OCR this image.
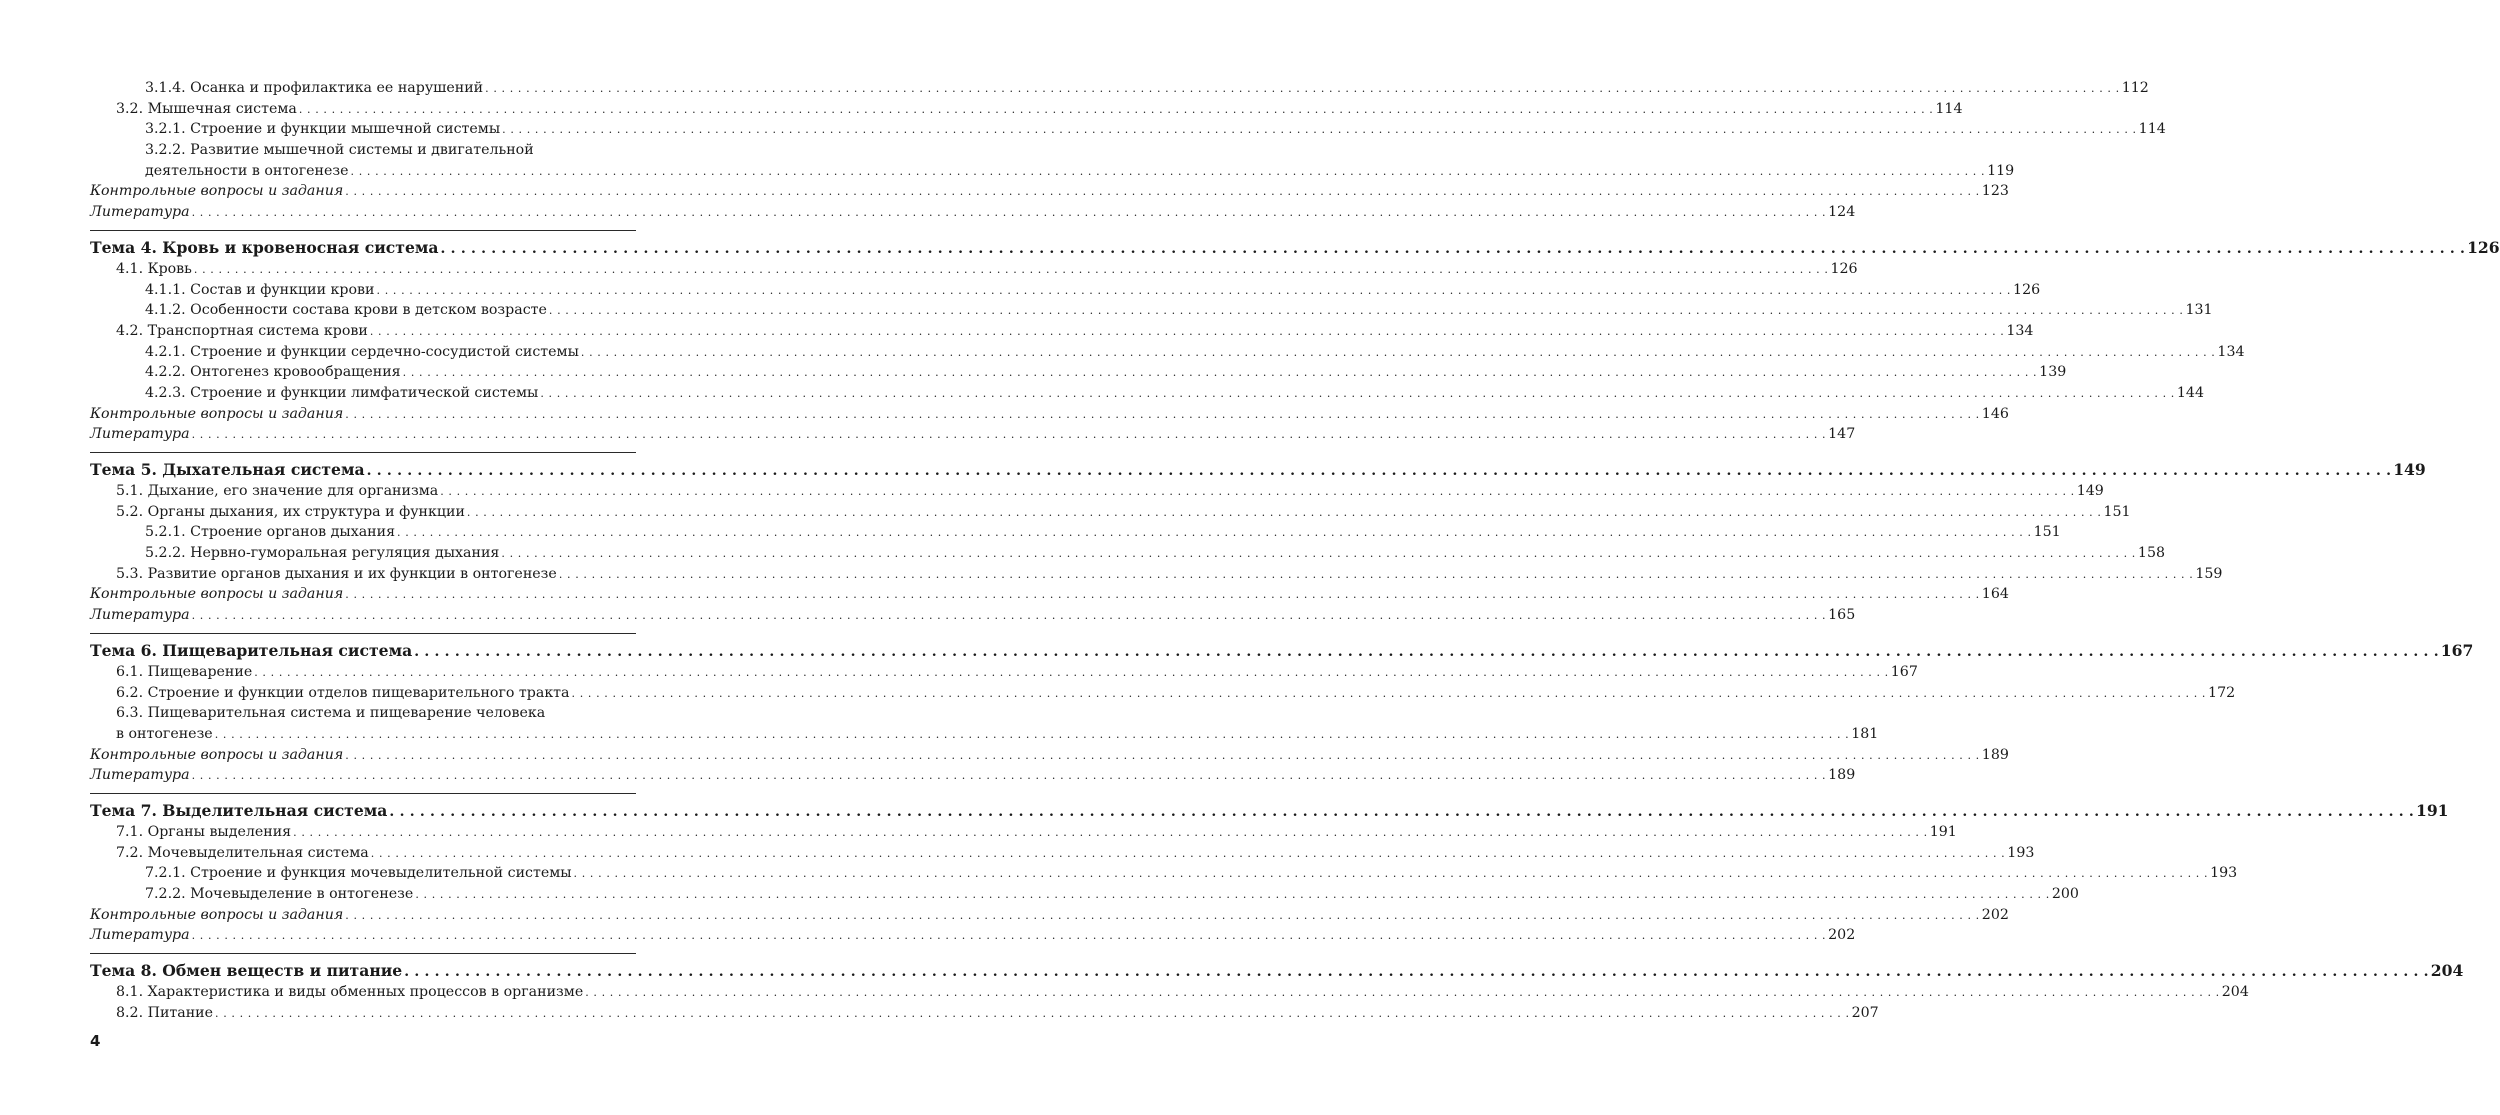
3.1.4. Осанка и профилактика ее нарушений . . . . . . . . . . . . . . . . . . . . . . . . . . . . . . . . . . . . . . . . . . . . . . . . . . . . . . . . . . . . . . . . . . . . . . . . . . . . . . . . . . . . . . . . . . . . . . . . . . . . . . . . . . . . . . . . . . . . . . . . . . . . . . . . . . . . . . . . . . . . . . . . . . . . . . . . . . . . . . . . . . . . . . . . . . . . . . . . . . . . . . . . . . . . . . . . . . . . . . . . 112
3.2. Мышечная система . . . . . . . . . . . . . . . . . . . . . . . . . . . . . . . . . . . . . . . . . . . . . . . . . . . . . . . . . . . . . . . . . . . . . . . . . . . . . . . . . . . . . . . . . . . . . . . . . . . . . . . . . . . . . . . . . . . . . . . . . . . . . . . . . . . . . . . . . . . . . . . . . . . . . . . . . . . . . . . . . . . . . . . . . . . . . . . . . . . . . . . . . . . . . . . . . . . . . . . . 114
3.2.1. Строение и функции мышечной системы . . . . . . . . . . . . . . . . . . . . . . . . . . . . . . . . . . . . . . . . . . . . . . . . . . . . . . . . . . . . . . . . . . . . . . . . . . . . . . . . . . . . . . . . . . . . . . . . . . . . . . . . . . . . . . . . . . . . . . . . . . . . . . . . . . . . . . . . . . . . . . . . . . . . . . . . . . . . . . . . . . . . . . . . . . . . . . . . . . . . . . . . . . . . . . . . . . . . . . . . 114
3.2.2. Развитие мышечной системы и двигательной
деятельности в онтогенезе . . . . . . . . . . . . . . . . . . . . . . . . . . . . . . . . . . . . . . . . . . . . . . . . . . . . . . . . . . . . . . . . . . . . . . . . . . . . . . . . . . . . . . . . . . . . . . . . . . . . . . . . . . . . . . . . . . . . . . . . . . . . . . . . . . . . . . . . . . . . . . . . . . . . . . . . . . . . . . . . . . . . . . . . . . . . . . . . . . . . . . . . . . . . . . . . . . . . . . . . 119
Контрольные вопросы и задания . . . . . . . . . . . . . . . . . . . . . . . . . . . . . . . . . . . . . . . . . . . . . . . . . . . . . . . . . . . . . . . . . . . . . . . . . . . . . . . . . . . . . . . . . . . . . . . . . . . . . . . . . . . . . . . . . . . . . . . . . . . . . . . . . . . . . . . . . . . . . . . . . . . . . . . . . . . . . . . . . . . . . . . . . . . . . . . . . . . . . . . . . . . . . . . . . . . . . . . . 123
Литература . . . . . . . . . . . . . . . . . . . . . . . . . . . . . . . . . . . . . . . . . . . . . . . . . . . . . . . . . . . . . . . . . . . . . . . . . . . . . . . . . . . . . . . . . . . . . . . . . . . . . . . . . . . . . . . . . . . . . . . . . . . . . . . . . . . . . . . . . . . . . . . . . . . . . . . . . . . . . . . . . . . . . . . . . . . . . . . . . . . . . . . . . . . . . . . . . . . . . . . . 124
Тема 4. Кровь и кровеносная система . . . . . . . . . . . . . . . . . . . . . . . . . . . . . . . . . . . . . . . . . . . . . . . . . . . . . . . . . . . . . . . . . . . . . . . . . . . . . . . . . . . . . . . . . . . . . . . . . . . . . . . . . . . . . . . . . . . . . . . . . . . . . . . . . . . . . . . . . . . . . . . . . . . . . . . . . . . . . . . . . . . . . . . . . . . . . . . . . . . . . . . . . . . . . . . . . . . . . . . . 126
4.1. Кровь . . . . . . . . . . . . . . . . . . . . . . . . . . . . . . . . . . . . . . . . . . . . . . . . . . . . . . . . . . . . . . . . . . . . . . . . . . . . . . . . . . . . . . . . . . . . . . . . . . . . . . . . . . . . . . . . . . . . . . . . . . . . . . . . . . . . . . . . . . . . . . . . . . . . . . . . . . . . . . . . . . . . . . . . . . . . . . . . . . . . . . . . . . . . . . . . . . . . . . . . 126
4.1.1. Состав и функции крови . . . . . . . . . . . . . . . . . . . . . . . . . . . . . . . . . . . . . . . . . . . . . . . . . . . . . . . . . . . . . . . . . . . . . . . . . . . . . . . . . . . . . . . . . . . . . . . . . . . . . . . . . . . . . . . . . . . . . . . . . . . . . . . . . . . . . . . . . . . . . . . . . . . . . . . . . . . . . . . . . . . . . . . . . . . . . . . . . . . . . . . . . . . . . . . . . . . . . . . . 126
4.1.2. Особенности состава крови в детском возрасте . . . . . . . . . . . . . . . . . . . . . . . . . . . . . . . . . . . . . . . . . . . . . . . . . . . . . . . . . . . . . . . . . . . . . . . . . . . . . . . . . . . . . . . . . . . . . . . . . . . . . . . . . . . . . . . . . . . . . . . . . . . . . . . . . . . . . . . . . . . . . . . . . . . . . . . . . . . . . . . . . . . . . . . . . . . . . . . . . . . . . . . . . . . . . . . . . . . . . . . . 131
4.2. Транспортная система крови . . . . . . . . . . . . . . . . . . . . . . . . . . . . . . . . . . . . . . . . . . . . . . . . . . . . . . . . . . . . . . . . . . . . . . . . . . . . . . . . . . . . . . . . . . . . . . . . . . . . . . . . . . . . . . . . . . . . . . . . . . . . . . . . . . . . . . . . . . . . . . . . . . . . . . . . . . . . . . . . . . . . . . . . . . . . . . . . . . . . . . . . . . . . . . . . . . . . . . . . 134
4.2.1. Строение и функции сердечно-сосудистой системы . . . . . . . . . . . . . . . . . . . . . . . . . . . . . . . . . . . . . . . . . . . . . . . . . . . . . . . . . . . . . . . . . . . . . . . . . . . . . . . . . . . . . . . . . . . . . . . . . . . . . . . . . . . . . . . . . . . . . . . . . . . . . . . . . . . . . . . . . . . . . . . . . . . . . . . . . . . . . . . . . . . . . . . . . . . . . . . . . . . . . . . . . . . . . . . . . . . . . . . . 134
4.2.2. Онтогенез кровообращения . . . . . . . . . . . . . . . . . . . . . . . . . . . . . . . . . . . . . . . . . . . . . . . . . . . . . . . . . . . . . . . . . . . . . . . . . . . . . . . . . . . . . . . . . . . . . . . . . . . . . . . . . . . . . . . . . . . . . . . . . . . . . . . . . . . . . . . . . . . . . . . . . . . . . . . . . . . . . . . . . . . . . . . . . . . . . . . . . . . . . . . . . . . . . . . . . . . . . . . . 139
4.2.3. Строение и функции лимфатической системы . . . . . . . . . . . . . . . . . . . . . . . . . . . . . . . . . . . . . . . . . . . . . . . . . . . . . . . . . . . . . . . . . . . . . . . . . . . . . . . . . . . . . . . . . . . . . . . . . . . . . . . . . . . . . . . . . . . . . . . . . . . . . . . . . . . . . . . . . . . . . . . . . . . . . . . . . . . . . . . . . . . . . . . . . . . . . . . . . . . . . . . . . . . . . . . . . . . . . . . . 144
Контрольные вопросы и задания . . . . . . . . . . . . . . . . . . . . . . . . . . . . . . . . . . . . . . . . . . . . . . . . . . . . . . . . . . . . . . . . . . . . . . . . . . . . . . . . . . . . . . . . . . . . . . . . . . . . . . . . . . . . . . . . . . . . . . . . . . . . . . . . . . . . . . . . . . . . . . . . . . . . . . . . . . . . . . . . . . . . . . . . . . . . . . . . . . . . . . . . . . . . . . . . . . . . . . . . 146
Литература . . . . . . . . . . . . . . . . . . . . . . . . . . . . . . . . . . . . . . . . . . . . . . . . . . . . . . . . . . . . . . . . . . . . . . . . . . . . . . . . . . . . . . . . . . . . . . . . . . . . . . . . . . . . . . . . . . . . . . . . . . . . . . . . . . . . . . . . . . . . . . . . . . . . . . . . . . . . . . . . . . . . . . . . . . . . . . . . . . . . . . . . . . . . . . . . . . . . . . . . 147
Тема 5. Дыхательная система . . . . . . . . . . . . . . . . . . . . . . . . . . . . . . . . . . . . . . . . . . . . . . . . . . . . . . . . . . . . . . . . . . . . . . . . . . . . . . . . . . . . . . . . . . . . . . . . . . . . . . . . . . . . . . . . . . . . . . . . . . . . . . . . . . . . . . . . . . . . . . . . . . . . . . . . . . . . . . . . . . . . . . . . . . . . . . . . . . . . . . . . . . . . . . . . . . . . . . . . 149
5.1. Дыхание, его значение для организма . . . . . . . . . . . . . . . . . . . . . . . . . . . . . . . . . . . . . . . . . . . . . . . . . . . . . . . . . . . . . . . . . . . . . . . . . . . . . . . . . . . . . . . . . . . . . . . . . . . . . . . . . . . . . . . . . . . . . . . . . . . . . . . . . . . . . . . . . . . . . . . . . . . . . . . . . . . . . . . . . . . . . . . . . . . . . . . . . . . . . . . . . . . . . . . . . . . . . . . . 149
5.2. Органы дыхания, их структура и функции . . . . . . . . . . . . . . . . . . . . . . . . . . . . . . . . . . . . . . . . . . . . . . . . . . . . . . . . . . . . . . . . . . . . . . . . . . . . . . . . . . . . . . . . . . . . . . . . . . . . . . . . . . . . . . . . . . . . . . . . . . . . . . . . . . . . . . . . . . . . . . . . . . . . . . . . . . . . . . . . . . . . . . . . . . . . . . . . . . . . . . . . . . . . . . . . . . . . . . . . 151
5.2.1. Строение органов дыхания . . . . . . . . . . . . . . . . . . . . . . . . . . . . . . . . . . . . . . . . . . . . . . . . . . . . . . . . . . . . . . . . . . . . . . . . . . . . . . . . . . . . . . . . . . . . . . . . . . . . . . . . . . . . . . . . . . . . . . . . . . . . . . . . . . . . . . . . . . . . . . . . . . . . . . . . . . . . . . . . . . . . . . . . . . . . . . . . . . . . . . . . . . . . . . . . . . . . . . . . 151
5.2.2. Нервно-гуморальная регуляция дыхания . . . . . . . . . . . . . . . . . . . . . . . . . . . . . . . . . . . . . . . . . . . . . . . . . . . . . . . . . . . . . . . . . . . . . . . . . . . . . . . . . . . . . . . . . . . . . . . . . . . . . . . . . . . . . . . . . . . . . . . . . . . . . . . . . . . . . . . . . . . . . . . . . . . . . . . . . . . . . . . . . . . . . . . . . . . . . . . . . . . . . . . . . . . . . . . . . . . . . . . . 158
5.3. Развитие органов дыхания и их функции в онтогенезе . . . . . . . . . . . . . . . . . . . . . . . . . . . . . . . . . . . . . . . . . . . . . . . . . . . . . . . . . . . . . . . . . . . . . . . . . . . . . . . . . . . . . . . . . . . . . . . . . . . . . . . . . . . . . . . . . . . . . . . . . . . . . . . . . . . . . . . . . . . . . . . . . . . . . . . . . . . . . . . . . . . . . . . . . . . . . . . . . . . . . . . . . . . . . . . . . . . . . . . . 159
Контрольные вопросы и задания . . . . . . . . . . . . . . . . . . . . . . . . . . . . . . . . . . . . . . . . . . . . . . . . . . . . . . . . . . . . . . . . . . . . . . . . . . . . . . . . . . . . . . . . . . . . . . . . . . . . . . . . . . . . . . . . . . . . . . . . . . . . . . . . . . . . . . . . . . . . . . . . . . . . . . . . . . . . . . . . . . . . . . . . . . . . . . . . . . . . . . . . . . . . . . . . . . . . . . . . 164
Литература . . . . . . . . . . . . . . . . . . . . . . . . . . . . . . . . . . . . . . . . . . . . . . . . . . . . . . . . . . . . . . . . . . . . . . . . . . . . . . . . . . . . . . . . . . . . . . . . . . . . . . . . . . . . . . . . . . . . . . . . . . . . . . . . . . . . . . . . . . . . . . . . . . . . . . . . . . . . . . . . . . . . . . . . . . . . . . . . . . . . . . . . . . . . . . . . . . . . . . . . 165
Тема 6. Пищеварительная система . . . . . . . . . . . . . . . . . . . . . . . . . . . . . . . . . . . . . . . . . . . . . . . . . . . . . . . . . . . . . . . . . . . . . . . . . . . . . . . . . . . . . . . . . . . . . . . . . . . . . . . . . . . . . . . . . . . . . . . . . . . . . . . . . . . . . . . . . . . . . . . . . . . . . . . . . . . . . . . . . . . . . . . . . . . . . . . . . . . . . . . . . . . . . . . . . . . . . . . . 167
6.1. Пищеварение . . . . . . . . . . . . . . . . . . . . . . . . . . . . . . . . . . . . . . . . . . . . . . . . . . . . . . . . . . . . . . . . . . . . . . . . . . . . . . . . . . . . . . . . . . . . . . . . . . . . . . . . . . . . . . . . . . . . . . . . . . . . . . . . . . . . . . . . . . . . . . . . . . . . . . . . . . . . . . . . . . . . . . . . . . . . . . . . . . . . . . . . . . . . . . . . . . . . . . . . 167
6.2. Строение и функции отделов пищеварительного тракта . . . . . . . . . . . . . . . . . . . . . . . . . . . . . . . . . . . . . . . . . . . . . . . . . . . . . . . . . . . . . . . . . . . . . . . . . . . . . . . . . . . . . . . . . . . . . . . . . . . . . . . . . . . . . . . . . . . . . . . . . . . . . . . . . . . . . . . . . . . . . . . . . . . . . . . . . . . . . . . . . . . . . . . . . . . . . . . . . . . . . . . . . . . . . . . . . . . . . . . . 172
6.3. Пищеварительная система и пищеварение человека
в онтогенезе . . . . . . . . . . . . . . . . . . . . . . . . . . . . . . . . . . . . . . . . . . . . . . . . . . . . . . . . . . . . . . . . . . . . . . . . . . . . . . . . . . . . . . . . . . . . . . . . . . . . . . . . . . . . . . . . . . . . . . . . . . . . . . . . . . . . . . . . . . . . . . . . . . . . . . . . . . . . . . . . . . . . . . . . . . . . . . . . . . . . . . . . . . . . . . . . . . . . . . . . 181
Контрольные вопросы и задания . . . . . . . . . . . . . . . . . . . . . . . . . . . . . . . . . . . . . . . . . . . . . . . . . . . . . . . . . . . . . . . . . . . . . . . . . . . . . . . . . . . . . . . . . . . . . . . . . . . . . . . . . . . . . . . . . . . . . . . . . . . . . . . . . . . . . . . . . . . . . . . . . . . . . . . . . . . . . . . . . . . . . . . . . . . . . . . . . . . . . . . . . . . . . . . . . . . . . . . . 189
Литература . . . . . . . . . . . . . . . . . . . . . . . . . . . . . . . . . . . . . . . . . . . . . . . . . . . . . . . . . . . . . . . . . . . . . . . . . . . . . . . . . . . . . . . . . . . . . . . . . . . . . . . . . . . . . . . . . . . . . . . . . . . . . . . . . . . . . . . . . . . . . . . . . . . . . . . . . . . . . . . . . . . . . . . . . . . . . . . . . . . . . . . . . . . . . . . . . . . . . . . . 189
Тема 7. Выделительная система . . . . . . . . . . . . . . . . . . . . . . . . . . . . . . . . . . . . . . . . . . . . . . . . . . . . . . . . . . . . . . . . . . . . . . . . . . . . . . . . . . . . . . . . . . . . . . . . . . . . . . . . . . . . . . . . . . . . . . . . . . . . . . . . . . . . . . . . . . . . . . . . . . . . . . . . . . . . . . . . . . . . . . . . . . . . . . . . . . . . . . . . . . . . . . . . . . . . . . . . 191
7.1. Органы выделения . . . . . . . . . . . . . . . . . . . . . . . . . . . . . . . . . . . . . . . . . . . . . . . . . . . . . . . . . . . . . . . . . . . . . . . . . . . . . . . . . . . . . . . . . . . . . . . . . . . . . . . . . . . . . . . . . . . . . . . . . . . . . . . . . . . . . . . . . . . . . . . . . . . . . . . . . . . . . . . . . . . . . . . . . . . . . . . . . . . . . . . . . . . . . . . . . . . . . . . . 191
7.2. Мочевыделительная система . . . . . . . . . . . . . . . . . . . . . . . . . . . . . . . . . . . . . . . . . . . . . . . . . . . . . . . . . . . . . . . . . . . . . . . . . . . . . . . . . . . . . . . . . . . . . . . . . . . . . . . . . . . . . . . . . . . . . . . . . . . . . . . . . . . . . . . . . . . . . . . . . . . . . . . . . . . . . . . . . . . . . . . . . . . . . . . . . . . . . . . . . . . . . . . . . . . . . . . . 193
7.2.1. Строение и функция мочевыделительной системы . . . . . . . . . . . . . . . . . . . . . . . . . . . . . . . . . . . . . . . . . . . . . . . . . . . . . . . . . . . . . . . . . . . . . . . . . . . . . . . . . . . . . . . . . . . . . . . . . . . . . . . . . . . . . . . . . . . . . . . . . . . . . . . . . . . . . . . . . . . . . . . . . . . . . . . . . . . . . . . . . . . . . . . . . . . . . . . . . . . . . . . . . . . . . . . . . . . . . . . . 193
7.2.2. Мочевыделение в онтогенезе . . . . . . . . . . . . . . . . . . . . . . . . . . . . . . . . . . . . . . . . . . . . . . . . . . . . . . . . . . . . . . . . . . . . . . . . . . . . . . . . . . . . . . . . . . . . . . . . . . . . . . . . . . . . . . . . . . . . . . . . . . . . . . . . . . . . . . . . . . . . . . . . . . . . . . . . . . . . . . . . . . . . . . . . . . . . . . . . . . . . . . . . . . . . . . . . . . . . . . . . 200
Контрольные вопросы и задания . . . . . . . . . . . . . . . . . . . . . . . . . . . . . . . . . . . . . . . . . . . . . . . . . . . . . . . . . . . . . . . . . . . . . . . . . . . . . . . . . . . . . . . . . . . . . . . . . . . . . . . . . . . . . . . . . . . . . . . . . . . . . . . . . . . . . . . . . . . . . . . . . . . . . . . . . . . . . . . . . . . . . . . . . . . . . . . . . . . . . . . . . . . . . . . . . . . . . . . . 202
Литература . . . . . . . . . . . . . . . . . . . . . . . . . . . . . . . . . . . . . . . . . . . . . . . . . . . . . . . . . . . . . . . . . . . . . . . . . . . . . . . . . . . . . . . . . . . . . . . . . . . . . . . . . . . . . . . . . . . . . . . . . . . . . . . . . . . . . . . . . . . . . . . . . . . . . . . . . . . . . . . . . . . . . . . . . . . . . . . . . . . . . . . . . . . . . . . . . . . . . . . . 202
Тема 8. Обмен веществ и питание . . . . . . . . . . . . . . . . . . . . . . . . . . . . . . . . . . . . . . . . . . . . . . . . . . . . . . . . . . . . . . . . . . . . . . . . . . . . . . . . . . . . . . . . . . . . . . . . . . . . . . . . . . . . . . . . . . . . . . . . . . . . . . . . . . . . . . . . . . . . . . . . . . . . . . . . . . . . . . . . . . . . . . . . . . . . . . . . . . . . . . . . . . . . . . . . . . . . . . . . 204
8.1. Характеристика и виды обменных процессов в организме . . . . . . . . . . . . . . . . . . . . . . . . . . . . . . . . . . . . . . . . . . . . . . . . . . . . . . . . . . . . . . . . . . . . . . . . . . . . . . . . . . . . . . . . . . . . . . . . . . . . . . . . . . . . . . . . . . . . . . . . . . . . . . . . . . . . . . . . . . . . . . . . . . . . . . . . . . . . . . . . . . . . . . . . . . . . . . . . . . . . . . . . . . . . . . . . . . . . . . . . 204
8.2. Питание . . . . . . . . . . . . . . . . . . . . . . . . . . . . . . . . . . . . . . . . . . . . . . . . . . . . . . . . . . . . . . . . . . . . . . . . . . . . . . . . . . . . . . . . . . . . . . . . . . . . . . . . . . . . . . . . . . . . . . . . . . . . . . . . . . . . . . . . . . . . . . . . . . . . . . . . . . . . . . . . . . . . . . . . . . . . . . . . . . . . . . . . . . . . . . . . . . . . . . . . 207
4
